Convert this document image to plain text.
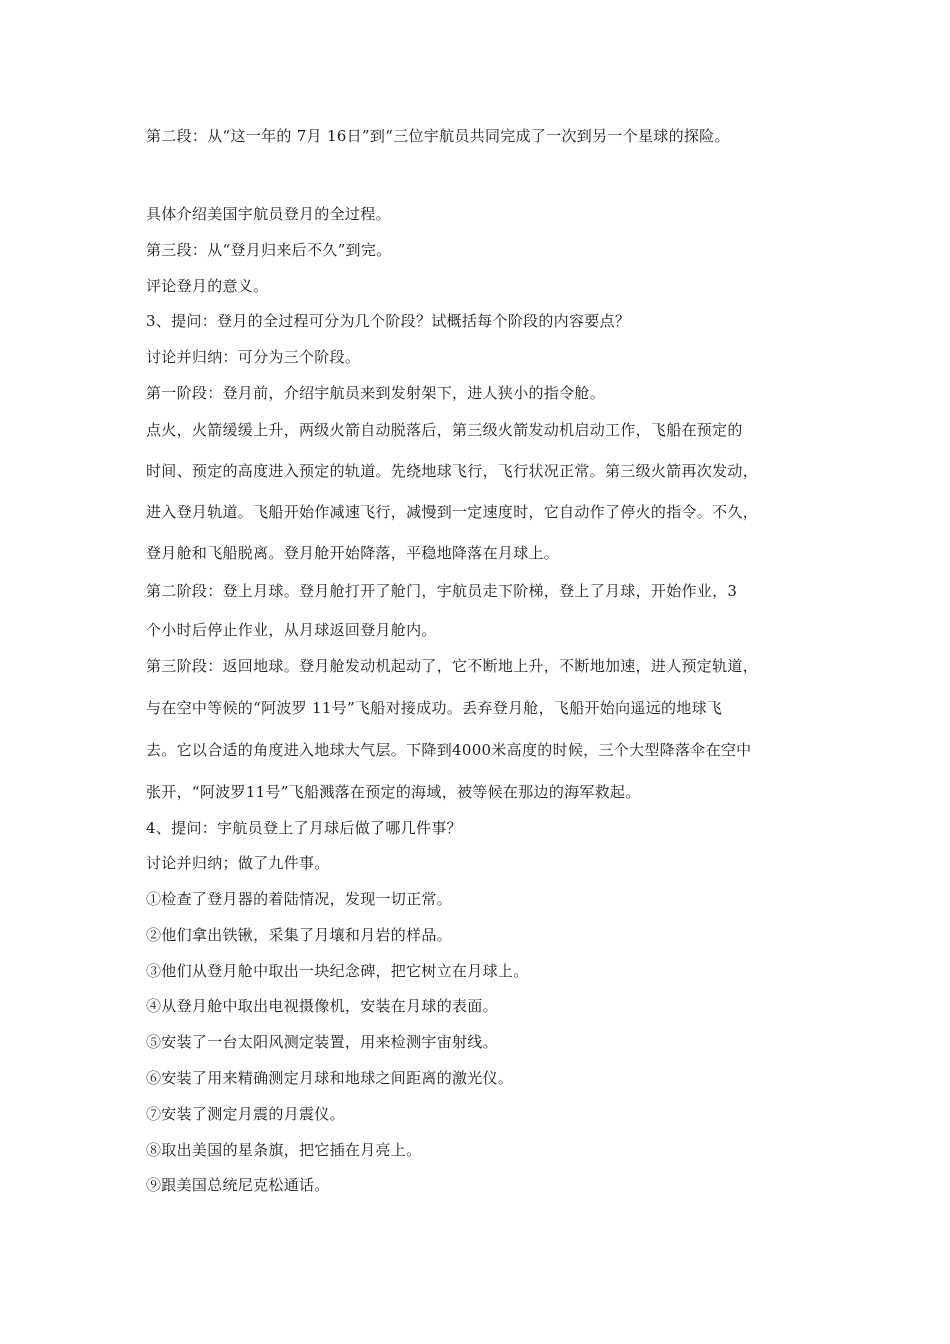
第二段：从“这一年的 7月 16日”到“三位宇航员共同完成了一次到另一个星球的探险。
具体介绍美国宇航员登月的全过程。
第三段：从“登月归来后不久”到完。
评论登月的意义。
3、提问：登月的全过程可分为几个阶段？试概括每个阶段的内容要点？
讨论并归纳：可分为三个阶段。
第一阶段：登月前，介绍宇航员来到发射架下，进人狭小的指令舱。
点火，火箭缓缓上升，两级火箭自动脱落后，第三级火箭发动机启动工作，飞船在预定的
时间、预定的高度进入预定的轨道。先绕地球飞行，飞行状况正常。第三级火箭再次发动，
进入登月轨道。飞船开始作减速飞行，减慢到一定速度时，它自动作了停火的指令。不久，
登月舱和飞船脱离。登月舱开始降落，平稳地降落在月球上。
第二阶段：登上月球。登月舱打开了舱门，宇航员走下阶梯，登上了月球，开始作业，3
个小时后停止作业，从月球返回登月舱内。
第三阶段：返回地球。登月舱发动机起动了，它不断地上升，不断地加速，进人预定轨道，
与在空中等候的“阿波罗 11号”飞船对接成功。丢弃登月舱，飞船开始向遥远的地球飞
去。它以合适的角度进入地球大气层。下降到4000米高度的时候，三个大型降落伞在空中
张开，“阿波罗11号”飞船溅落在预定的海域，被等候在那边的海军救起。
4、提问：宇航员登上了月球后做了哪几件事？
讨论并归纳；做了九件事。
①检查了登月器的着陆情况，发现一切正常。
②他们拿出铁锹，采集了月壤和月岩的样品。
③他们从登月舱中取出一块纪念碑，把它树立在月球上。
④从登月舱中取出电视摄像机，安装在月球的表面。
⑤安装了一台太阳风测定装置，用来检测宇宙射线。
⑥安装了用来精确测定月球和地球之间距离的激光仪。
⑦安装了测定月震的月震仪。
⑧取出美国的星条旗，把它插在月亮上。
⑨跟美国总统尼克松通话。
